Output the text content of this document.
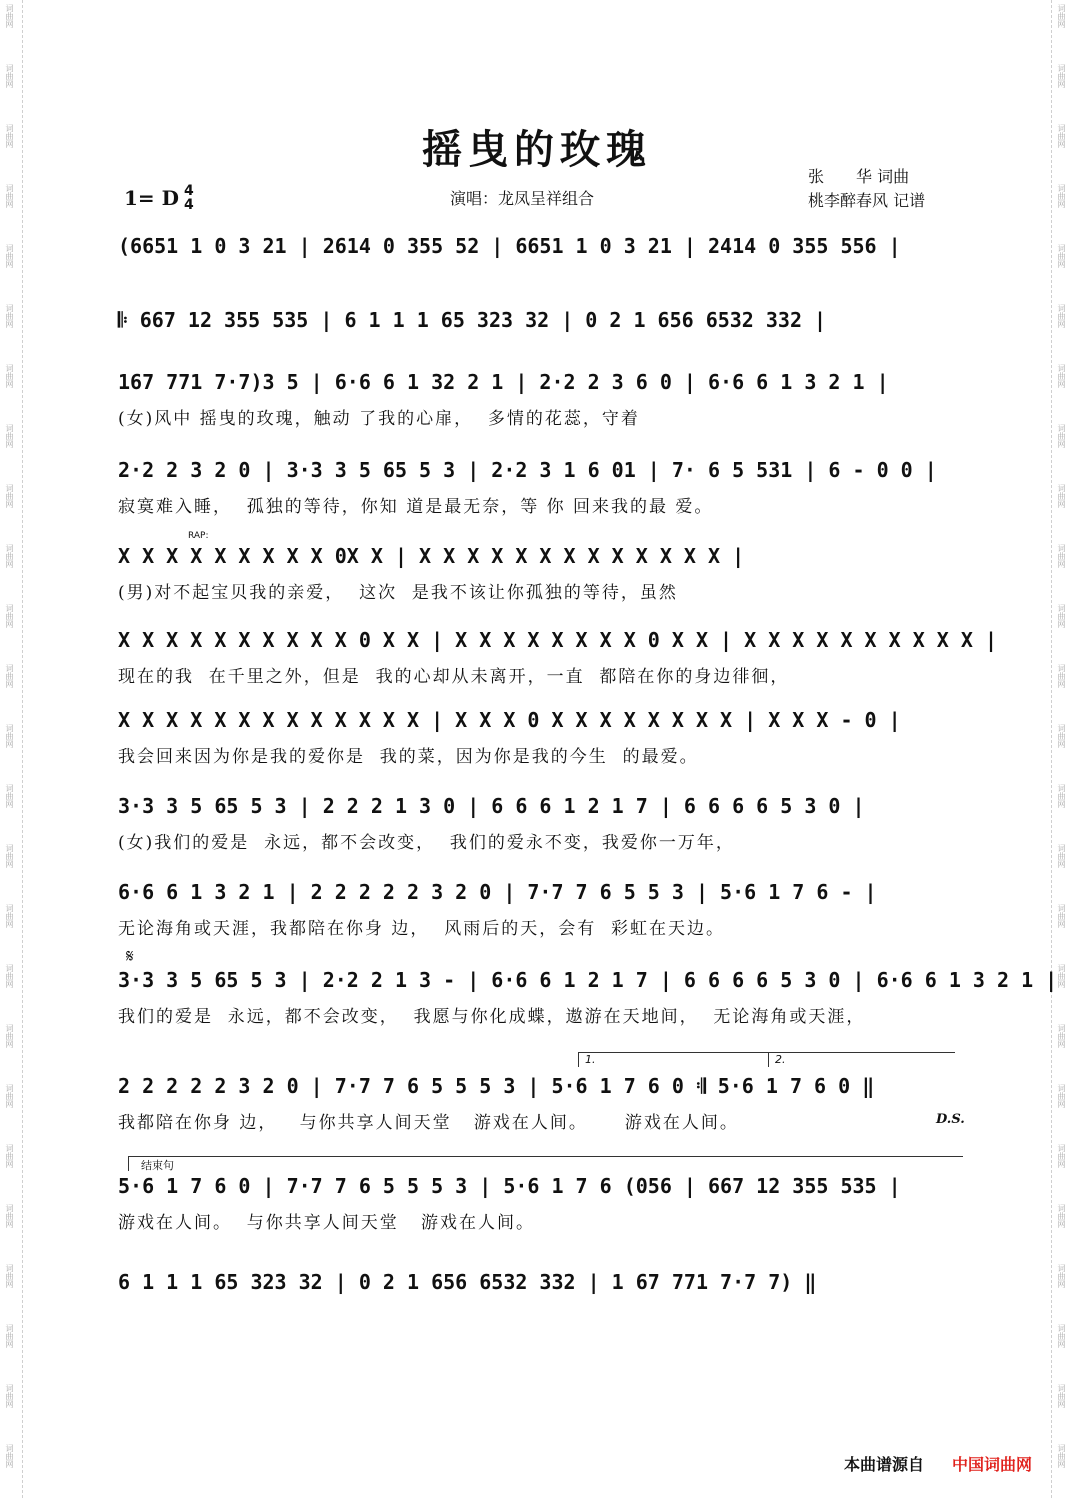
词曲网
词曲网
词曲网
词曲网
词曲网
词曲网
词曲网
词曲网
词曲网
词曲网
词曲网
词曲网
词曲网
词曲网
词曲网
词曲网
词曲网
词曲网
词曲网
词曲网
词曲网
词曲网
词曲网
词曲网
词曲网
词曲网
词曲网
词曲网
词曲网
词曲网
词曲网
词曲网
词曲网
词曲网
词曲网
词曲网
词曲网
词曲网
词曲网
词曲网
词曲网
词曲网
词曲网
词曲网
词曲网
词曲网
词曲网
词曲网
词曲网
词曲网
摇曳的玫瑰
1= D 4
4	演唱：龙凤呈祥组合
张　　华 词曲
桃李醉春风 记谱
RAP:
𝄋
1.	2.
D.S.
结束句
(6651 1 0 3 21 | 2614 0 355 52 | 6651 1 0 3 21 | 2414 0 355 556 |
𝄆 667 12 355 535 | 6 1 1 1 65 323 32 | 0 2 1 656 6532 332 |
167 771 7·7)3 5 | 6·6 6 1 32 2 1 | 2·2 2 3 6 0 | 6·6 6 1 3 2 1 |
(女)风中 摇曳的玫瑰，触动 了我的心扉，  多情的花蕊，守着
2·2 2 3 2 0 | 3·3 3 5 65 5 3 | 2·2 3 1 6 01 | 7· 6 5 531 | 6 - 0 0 |
寂寞难入睡，  孤独的等待，你知 道是最无奈，等 你 回来我的最 爱。
X X X X X X X X X 0X X | X X X X X X X X X X X X X |
(男)对不起宝贝我的亲爱，  这次  是我不该让你孤独的等待，虽然
X X X X X X X X X X 0 X X | X X X X X X X X 0 X X | X X X X X X X X X X |
现在的我  在千里之外，但是  我的心却从未离开，一直  都陪在你的身边徘徊，
X X X X X X X X X X X X X | X X X 0 X X X X X X X X | X X X - 0 |
我会回来因为你是我的爱你是  我的菜，因为你是我的今生  的最爱。
3·3 3 5 65 5 3 | 2 2 2 1 3 0 | 6 6 6 1 2 1 7 | 6 6 6 6 5 3 0 |
(女)我们的爱是  永远，都不会改变，  我们的爱永不变，我爱你一万年，
6·6 6 1 3 2 1 | 2 2 2 2 2 3 2 0 | 7·7 7 6 5 5 3 | 5·6 1 7 6 - |
无论海角或天涯，我都陪在你身 边，  风雨后的天，会有  彩虹在天边。
3·3 3 5 65 5 3 | 2·2 2 1 3 - | 6·6 6 1 2 1 7 | 6 6 6 6 5 3 0 | 6·6 6 1 3 2 1 |
我们的爱是  永远，都不会改变，  我愿与你化成蝶，遨游在天地间，  无论海角或天涯，
2 2 2 2 2 3 2 0 | 7·7 7 6 5 5 5 3 | 5·6 1 7 6 0 𝄇 5·6 1 7 6 0 ‖
我都陪在你身 边，   与你共享人间天堂   游戏在人间。     游戏在人间。
5·6 1 7 6 0 | 7·7 7 6 5 5 5 3 | 5·6 1 7 6 (056 | 667 12 355 535 |
游戏在人间。  与你共享人间天堂   游戏在人间。
6 1 1 1 65 323 32 | 0 2 1 656 6532 332 | 1 67 771 7·7 7) ‖
本曲谱源自 中国词曲网
